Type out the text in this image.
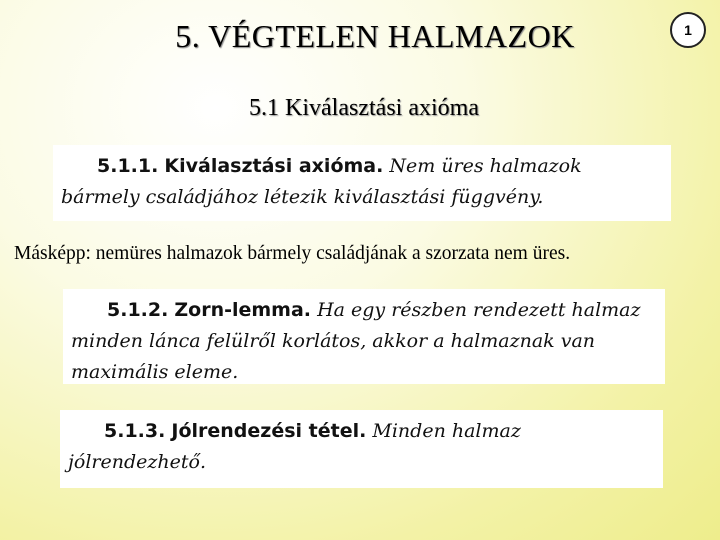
5. VÉGTELEN HALMAZOK	1
5.1 Kiválasztási axióma
5.1.1. Kiválasztási axióma. Nem üres halmazok bármely családjához létezik kiválasztási függvény.
Másképp: nemüres halmazok bármely családjának a szorzata nem üres.
5.1.2. Zorn-lemma. Ha egy részben rendezett halmaz minden lánca felülről korlátos, akkor a halmaznak van maximális eleme.
5.1.3. Jólrendezési tétel. Minden halmaz jólrendezhető.
